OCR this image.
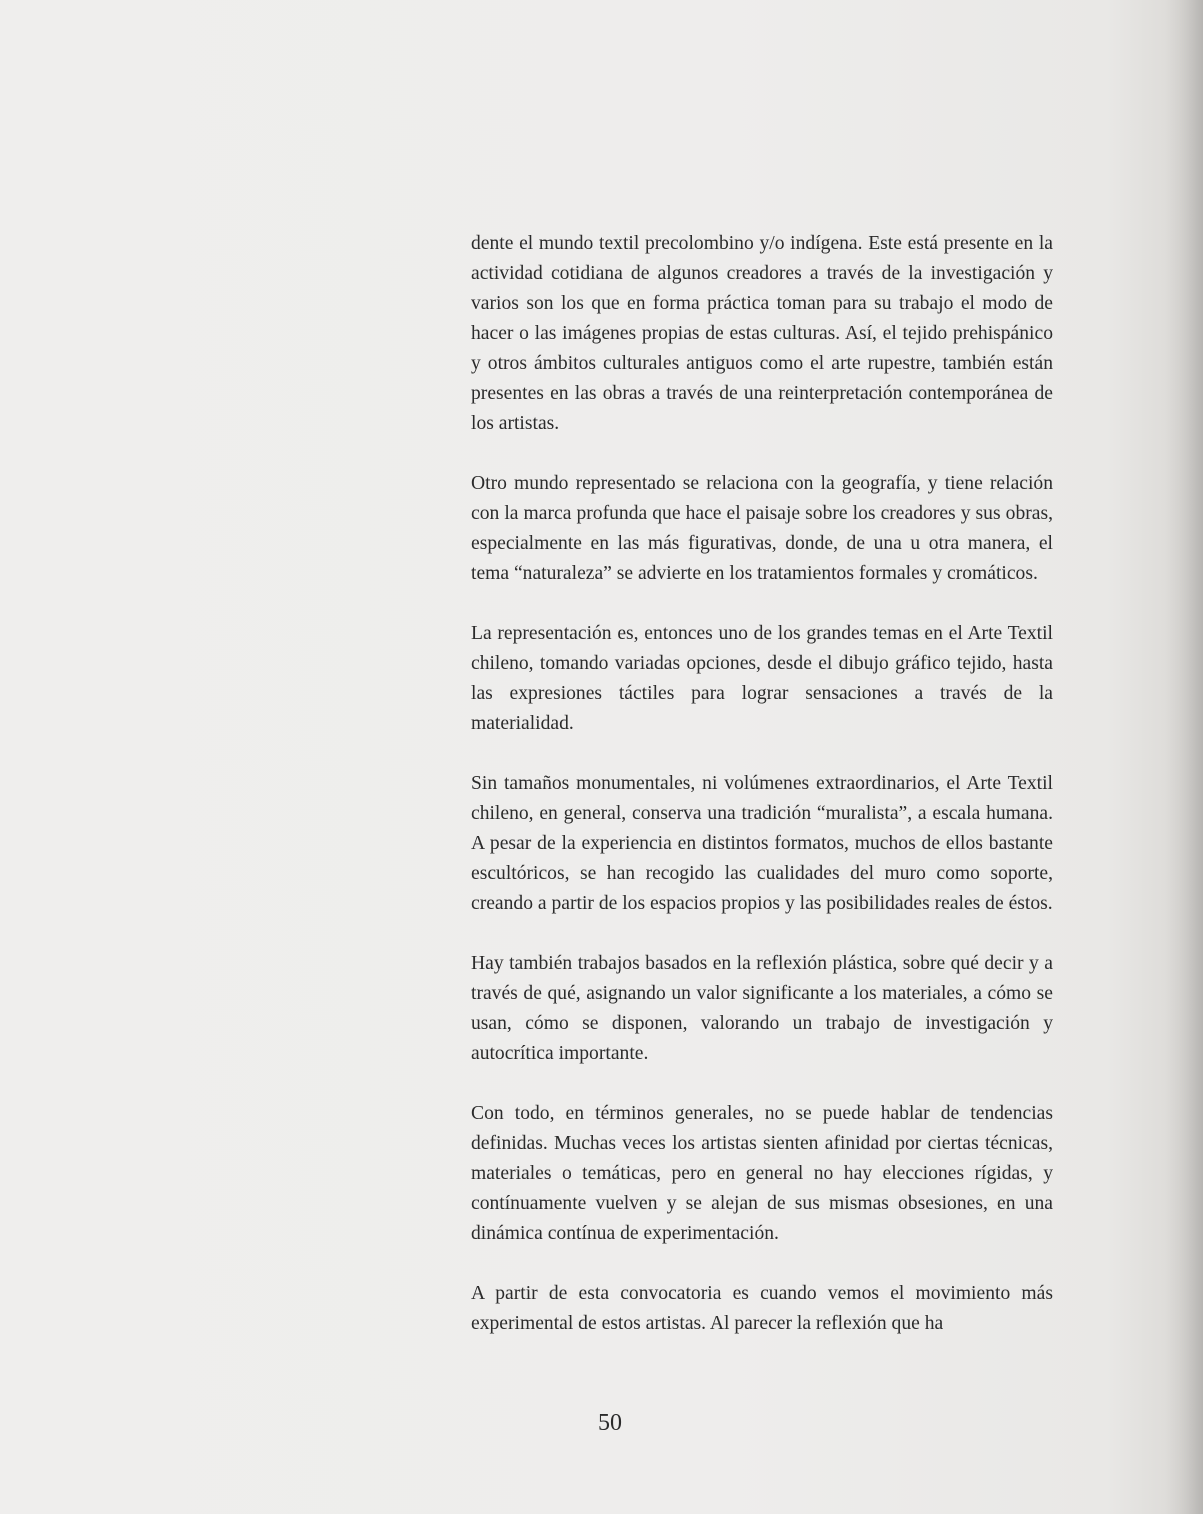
dente el mundo textil precolombino y/o indígena. Este está presente en la actividad cotidiana de algunos creadores a través de la investigación y varios son los que en forma práctica toman para su trabajo el modo de hacer o las imágenes propias de estas culturas. Así, el tejido prehispánico y otros ámbitos culturales antiguos como el arte rupestre, también están presentes en las obras a través de una reinterpretación contemporánea de los artistas.

Otro mundo representado se relaciona con la geografía, y tiene relación con la marca profunda que hace el paisaje sobre los creadores y sus obras, especialmente en las más figurativas, donde, de una u otra manera, el tema “naturaleza” se advierte en los tratamientos formales y cromáticos.

La representación es, entonces uno de los grandes temas en el Arte Textil chileno, tomando variadas opciones, desde el dibujo gráfico tejido, hasta las expresiones táctiles para lograr sensaciones a través de la materialidad.

Sin tamaños monumentales, ni volúmenes extraordinarios, el Arte Textil chileno, en general, conserva una tradición “muralista”, a escala humana. A pesar de la experiencia en distintos formatos, muchos de ellos bastante escultóricos, se han recogido las cualidades del muro como soporte, creando a partir de los espacios propios y las posibilidades reales de éstos.

Hay también trabajos basados en la reflexión plástica, sobre qué decir y a través de qué, asignando un valor significante a los materiales, a cómo se usan, cómo se disponen, valorando un trabajo de investigación y autocrítica importante.

Con todo, en términos generales, no se puede hablar de tendencias definidas. Muchas veces los artistas sienten afinidad por ciertas técnicas, materiales o temáticas, pero en general no hay elecciones rígidas, y contínuamente vuelven y se alejan de sus mismas obsesiones, en una dinámica contínua de experimentación.

A partir de esta convocatoria es cuando vemos el movimiento más experimental de estos artistas. Al parecer la reflexión que ha

50
